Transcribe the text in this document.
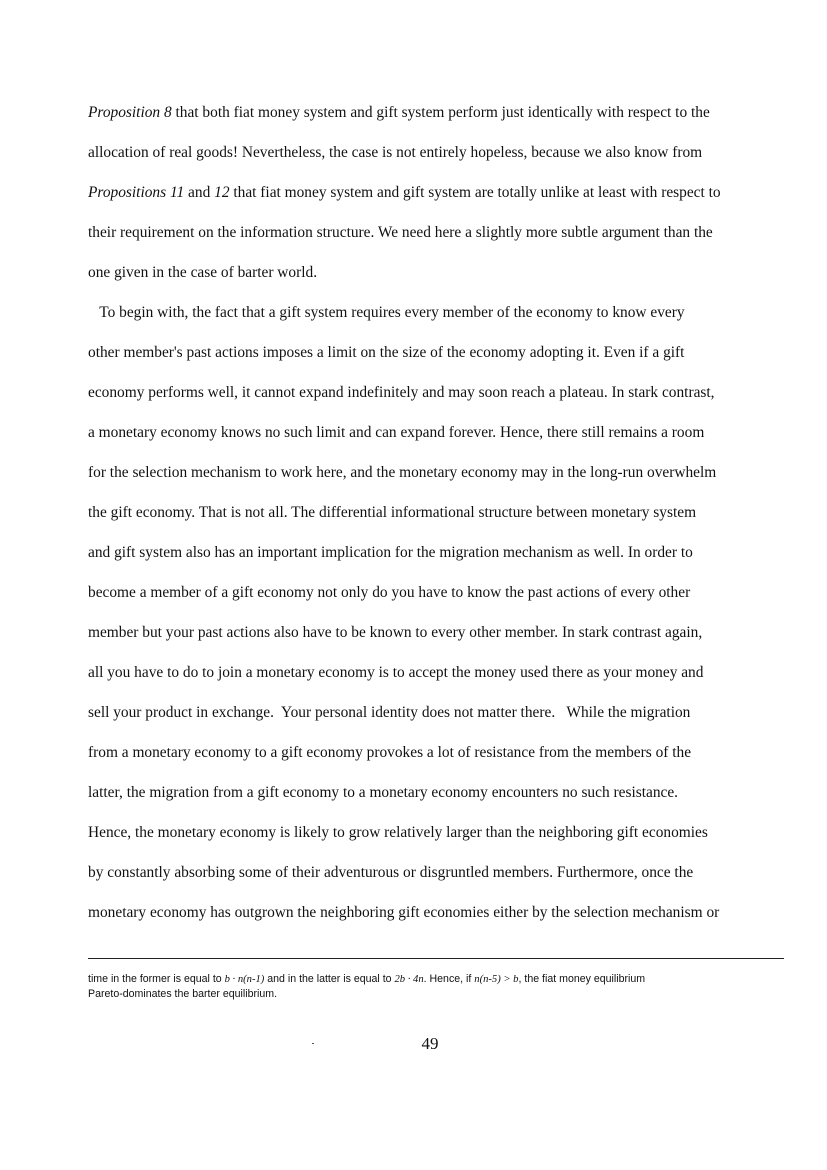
Proposition 8 that both fiat money system and gift system perform just identically with respect to the
allocation of real goods! Nevertheless, the case is not entirely hopeless, because we also know from
Propositions 11 and 12 that fiat money system and gift system are totally unlike at least with respect to
their requirement on the information structure. We need here a slightly more subtle argument than the
one given in the case of barter world.
To begin with, the fact that a gift system requires every member of the economy to know every
other member's past actions imposes a limit on the size of the economy adopting it. Even if a gift
economy performs well, it cannot expand indefinitely and may soon reach a plateau. In stark contrast,
a monetary economy knows no such limit and can expand forever. Hence, there still remains a room
for the selection mechanism to work here, and the monetary economy may in the long-run overwhelm
the gift economy. That is not all. The differential informational structure between monetary system
and gift system also has an important implication for the migration mechanism as well. In order to
become a member of a gift economy not only do you have to know the past actions of every other
member but your past actions also have to be known to every other member. In stark contrast again,
all you have to do to join a monetary economy is to accept the money used there as your money and
sell your product in exchange.  Your personal identity does not matter there.   While the migration
from a monetary economy to a gift economy provokes a lot of resistance from the members of the
latter, the migration from a gift economy to a monetary economy encounters no such resistance.
Hence, the monetary economy is likely to grow relatively larger than the neighboring gift economies
by constantly absorbing some of their adventurous or disgruntled members. Furthermore, once the
monetary economy has outgrown the neighboring gift economies either by the selection mechanism or
time in the former is equal to b · n(n-1) and in the latter is equal to 2b · 4n. Hence, if n(n-5) > b, the fiat money equilibrium
Pareto-dominates the barter equilibrium.
49
